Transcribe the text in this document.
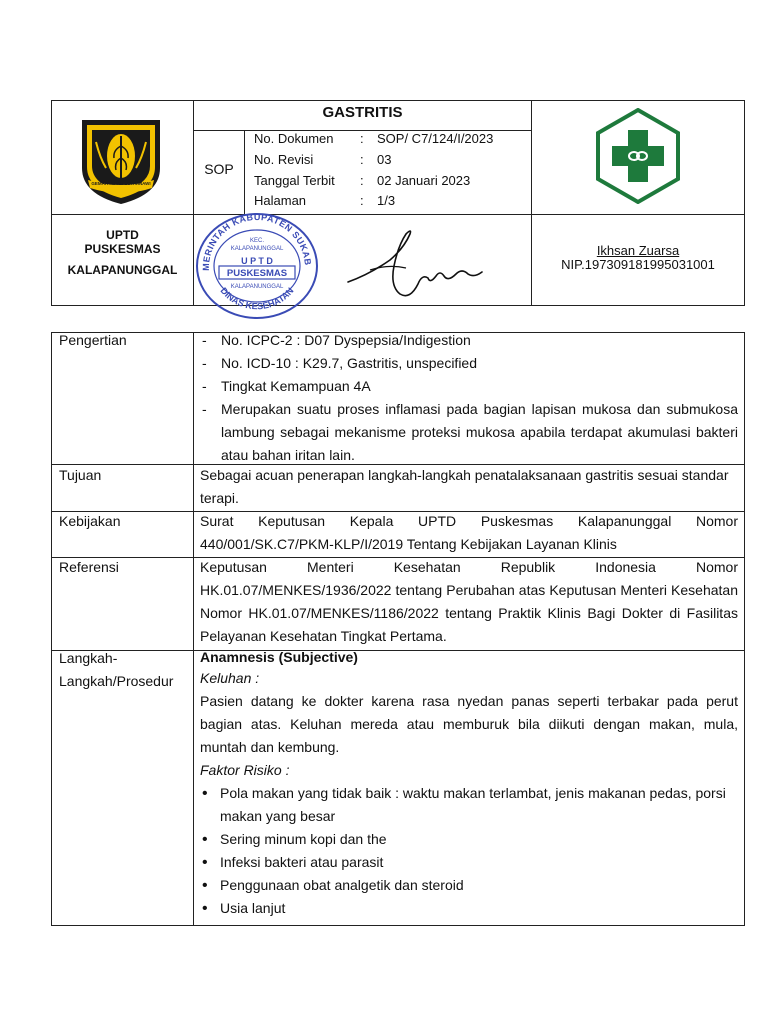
GEMAH RIPAH LOH JINAWI
GASTRITIS
SOP
No. Dokumen : SOP/ C7/124/I/2023
No. Revisi	: 03
Tanggal Terbit : 02 Januari 2023
Halaman	: 1/3
UPTD
PUSKESMAS
KALAPANUNGGAL	MERINTAH KABUPATEN SUKAB
DINAS KESEHATAN
KEC.
KALAPANUNGGAL
U P T D
PUSKESMAS
KALAPANUNGGAL
Ikhsan Zuarsa
NIP.197309181995031001
Pengertian
-	No. ICPC-2 : D07 Dyspepsia/Indigestion
- No. ICD-10 : K29.7, Gastritis, unspecified
- Tingkat Kemampuan 4A
- Merupakan suatu proses inflamasi pada bagian lapisan mukosa dan submukosa lambung sebagai mekanisme proteksi mukosa apabila terdapat akumulasi bakteri atau bahan iritan lain.
Tujuan	Sebagai acuan penerapan langkah-langkah penatalaksanaan gastritis sesuai standar terapi.
Kebijakan	Surat Keputusan Kepala UPTD Puskesmas Kalapanunggal Nomor 440/001/SK.C7/PKM-KLP/I/2019 Tentang Kebijakan Layanan Klinis
Referensi	Keputusan Menteri Kesehatan Republik Indonesia Nomor HK.01.07/MENKES/1936/2022 tentang Perubahan atas Keputusan Menteri Kesehatan Nomor HK.01.07/MENKES/1186/2022 tentang Praktik Klinis Bagi Dokter di Fasilitas Pelayanan Kesehatan Tingkat Pertama.
Langkah-
Langkah/Prosedur
Anamnesis (Subjective)
Keluhan :
Pasien datang ke dokter karena rasa nyedan panas seperti terbakar pada perut bagian atas. Keluhan mereda atau memburuk bila diikuti dengan makan, mula, muntah dan kembung.
Faktor Risiko :
• Pola makan yang tidak baik : waktu makan terlambat, jenis makanan pedas, porsi makan yang besar
• Sering minum kopi dan the
• Infeksi bakteri atau parasit
• Penggunaan obat analgetik dan steroid
• Usia lanjut
